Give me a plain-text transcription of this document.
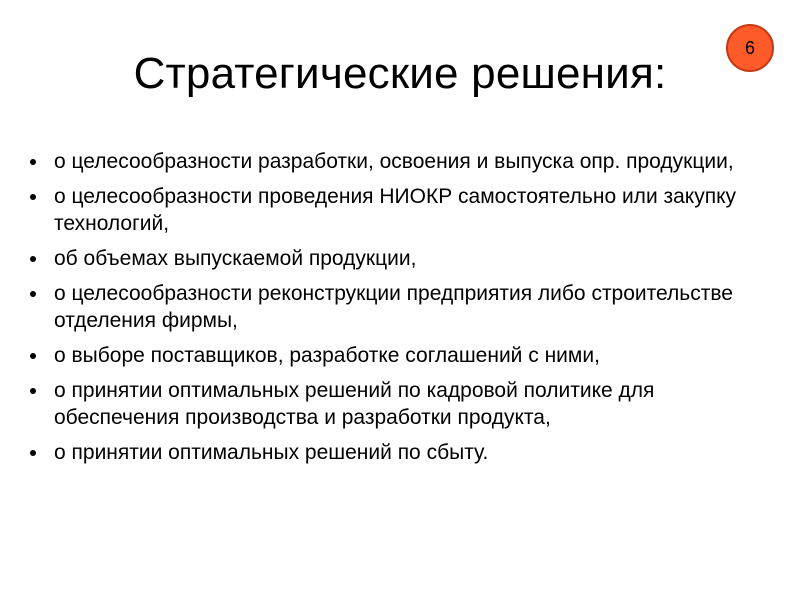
6
Стратегические решения:
о целесообразности разработки, освоения и выпуска опр. продукции,
о целесообразности проведения НИОКР самостоятельно или закупку технологий,
об объемах выпускаемой продукции,
о целесообразности реконструкции предприятия либо строительстве отделения фирмы,
о выборе поставщиков, разработке соглашений с ними,
о принятии оптимальных решений по кадровой политике для обеспечения производства и разработки продукта,
о принятии оптимальных решений по сбыту.
